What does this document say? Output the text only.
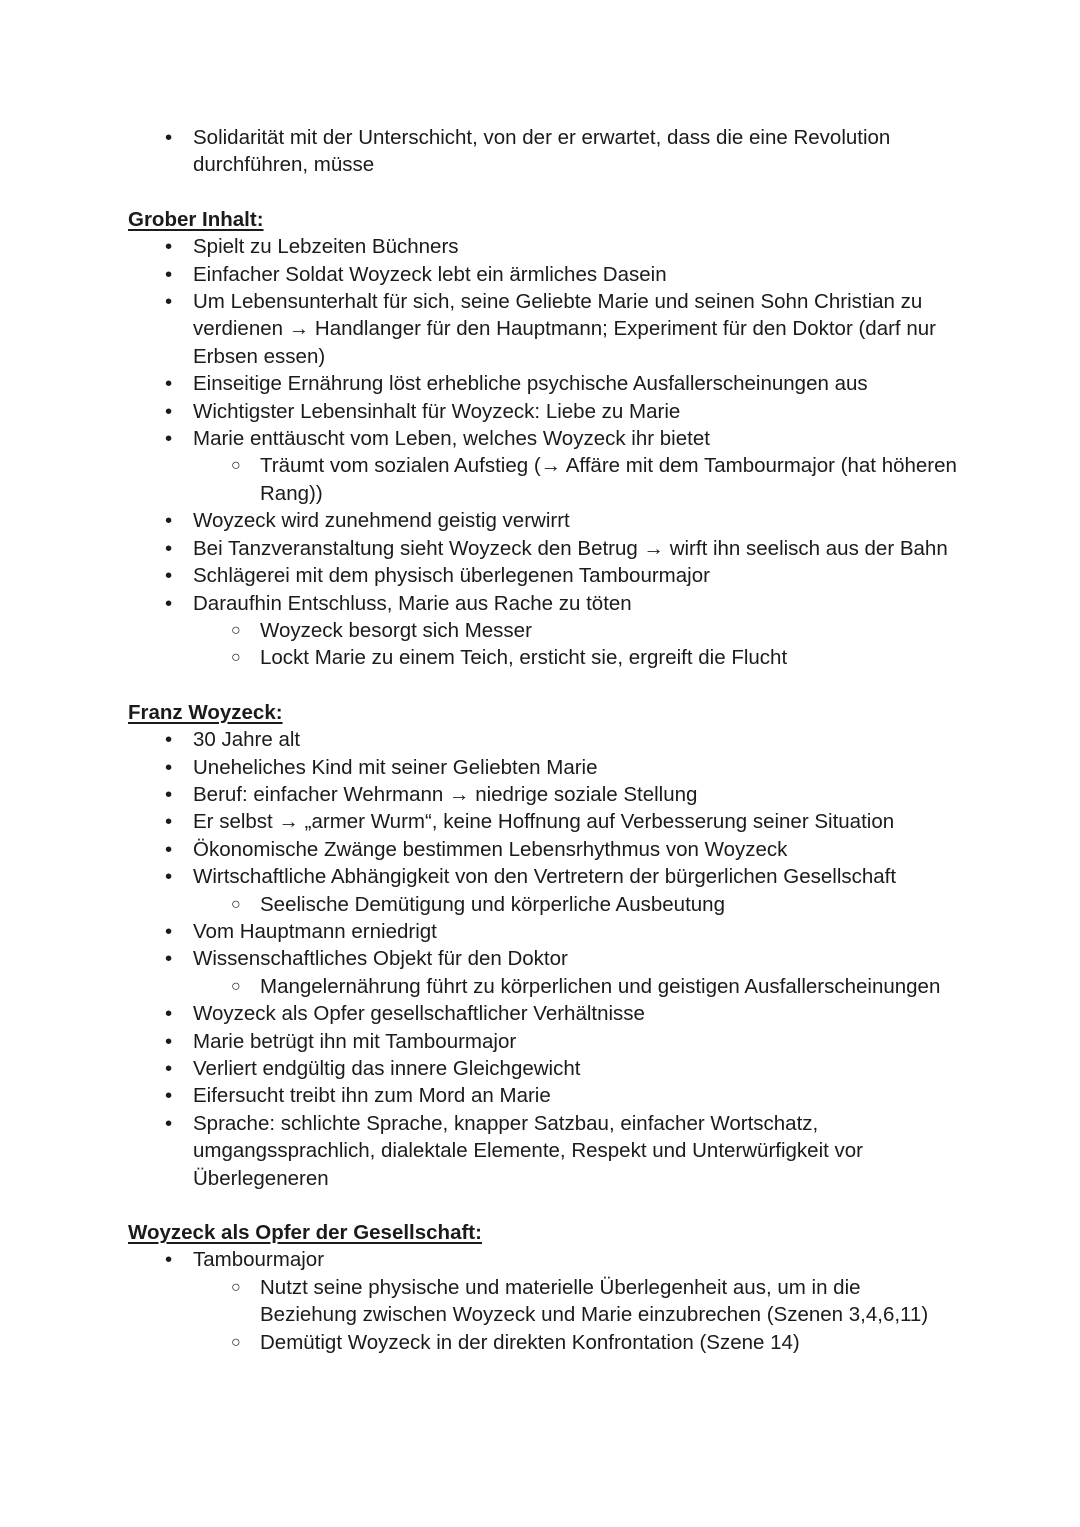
•	Solidarität mit der Unterschicht, von der er erwartet, dass die eine Revolution durchführen, müsse
Grober Inhalt:
•	Spielt zu Lebzeiten Büchners
•	Einfacher Soldat Woyzeck lebt ein ärmliches Dasein
•	Um Lebensunterhalt für sich, seine Geliebte Marie und seinen Sohn Christian zu verdienen → Handlanger für den Hauptmann; Experiment für den Doktor (darf nur Erbsen essen)
•	Einseitige Ernährung löst erhebliche psychische Ausfallerscheinungen aus
•	Wichtigster Lebensinhalt für Woyzeck: Liebe zu Marie
•	Marie enttäuscht vom Leben, welches Woyzeck ihr bietet
○ Träumt vom sozialen Aufstieg (→ Affäre mit dem Tambourmajor (hat höheren Rang))
•	Woyzeck wird zunehmend geistig verwirrt
•	Bei Tanzveranstaltung sieht Woyzeck den Betrug → wirft ihn seelisch aus der Bahn
•	Schlägerei mit dem physisch überlegenen Tambourmajor
•	Daraufhin Entschluss, Marie aus Rache zu töten
○ Woyzeck besorgt sich Messer
○ Lockt Marie zu einem Teich, ersticht sie, ergreift die Flucht
Franz Woyzeck:
•	30 Jahre alt
•	Uneheliches Kind mit seiner Geliebten Marie
•	Beruf: einfacher Wehrmann → niedrige soziale Stellung
•	Er selbst → „armer Wurm“, keine Hoffnung auf Verbesserung seiner Situation
•	Ökonomische Zwänge bestimmen Lebensrhythmus von Woyzeck
•	Wirtschaftliche Abhängigkeit von den Vertretern der bürgerlichen Gesellschaft
○ Seelische Demütigung und körperliche Ausbeutung
•	Vom Hauptmann erniedrigt
•	Wissenschaftliches Objekt für den Doktor
○ Mangelernährung führt zu körperlichen und geistigen Ausfallerscheinungen
•	Woyzeck als Opfer gesellschaftlicher Verhältnisse
•	Marie betrügt ihn mit Tambourmajor
•	Verliert endgültig das innere Gleichgewicht
•	Eifersucht treibt ihn zum Mord an Marie
•	Sprache: schlichte Sprache, knapper Satzbau, einfacher Wortschatz, umgangssprachlich, dialektale Elemente, Respekt und Unterwürfigkeit vor Überlegeneren
Woyzeck als Opfer der Gesellschaft:
•	Tambourmajor
○ Nutzt seine physische und materielle Überlegenheit aus, um in die Beziehung zwischen Woyzeck und Marie einzubrechen (Szenen 3,4,6,11)
○ Demütigt Woyzeck in der direkten Konfrontation (Szene 14)
